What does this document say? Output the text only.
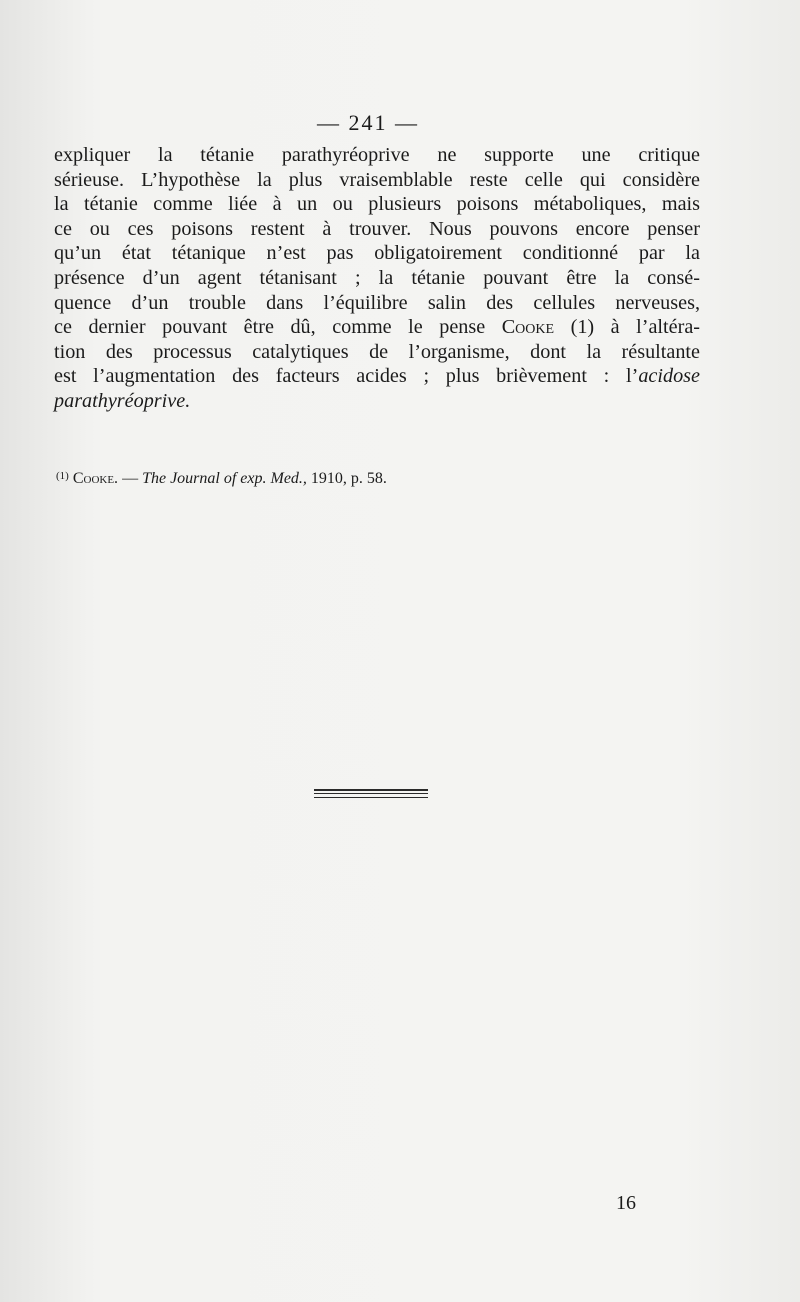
— 241 —
expliquer la tétanie parathyréoprive ne supporte une critique
sérieuse. L’hypothèse la plus vraisemblable reste celle qui considère
la tétanie comme liée à un ou plusieurs poisons métaboliques, mais
ce ou ces poisons restent à trouver. Nous pouvons encore penser
qu’un état tétanique n’est pas obligatoirement conditionné par la
présence d’un agent tétanisant ; la tétanie pouvant être la consé-
quence d’un trouble dans l’équilibre salin des cellules nerveuses,
ce dernier pouvant être dû, comme le pense Cooke (1) à l’altéra-
tion des processus catalytiques de l’organisme, dont la résultante
est l’augmentation des facteurs acides ; plus brièvement : l’acidose
parathyréoprive.
$^{(1)}$ Cooke. — The Journal of exp. Med., 1910, p. 58.
16
